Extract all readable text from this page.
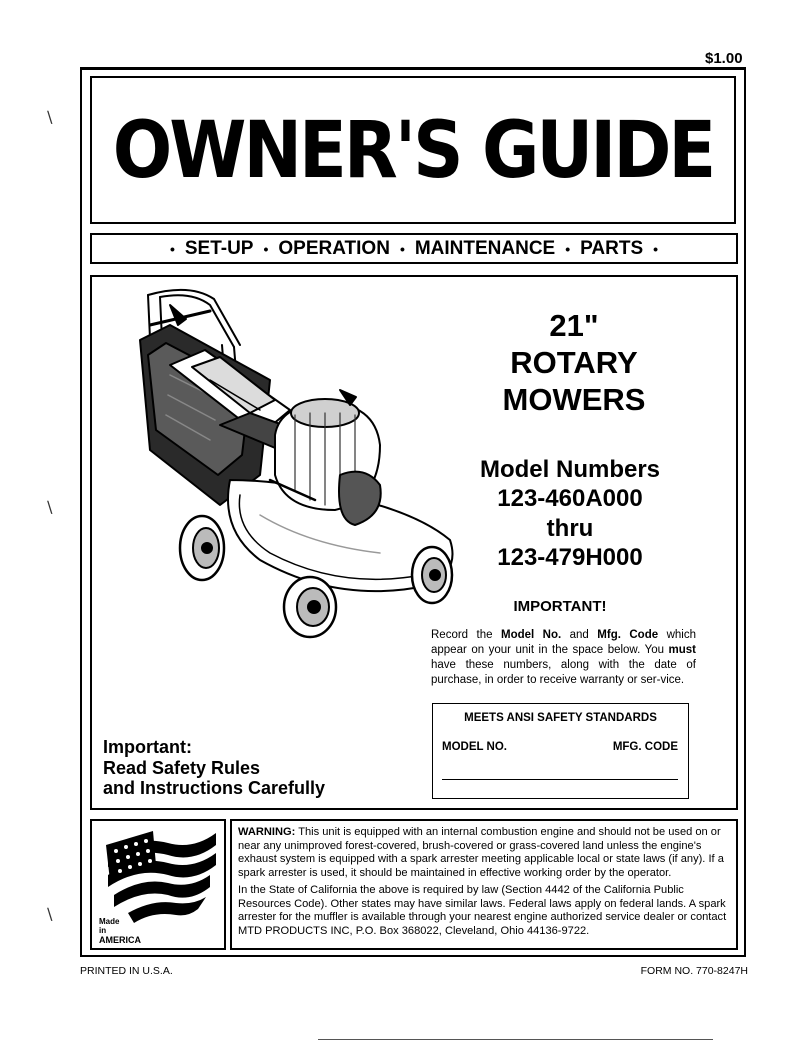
$1.00
OWNER'S GUIDE
• SET-UP • OPERATION • MAINTENANCE • PARTS •
21"
ROTARY
MOWERS
Model Numbers
123-460A000
thru
123-479H000
IMPORTANT!
Record the Model No. and Mfg. Code which appear on your unit in the space below. You must have these numbers, along with the date of purchase, in order to receive warranty or ser-vice.
MEETS ANSI SAFETY STANDARDS
MODEL NO.	MFG. CODE
Important:
Read Safety Rules
and Instructions Carefully
Made
in
AMERICA

WARNING: This unit is equipped with an internal combustion engine and should not be used on or near any unimproved forest-covered, brush-covered or grass-covered land unless the engine's exhaust system is equipped with a spark arrester meeting applicable local or state laws (if any). If a spark arrester is used, it should be maintained in effective working order by the operator.

In the State of California the above is required by law (Section 4442 of the California Public Resources Code). Other states may have similar laws. Federal laws apply on federal lands. A spark arrester for the muffler is available through your nearest engine authorized service dealer or contact MTD PRODUCTS INC, P.O. Box 368022, Cleveland, Ohio 44136-9722.

PRINTED IN U.S.A.	FORM NO. 770-8247H
∖
∖
∖
